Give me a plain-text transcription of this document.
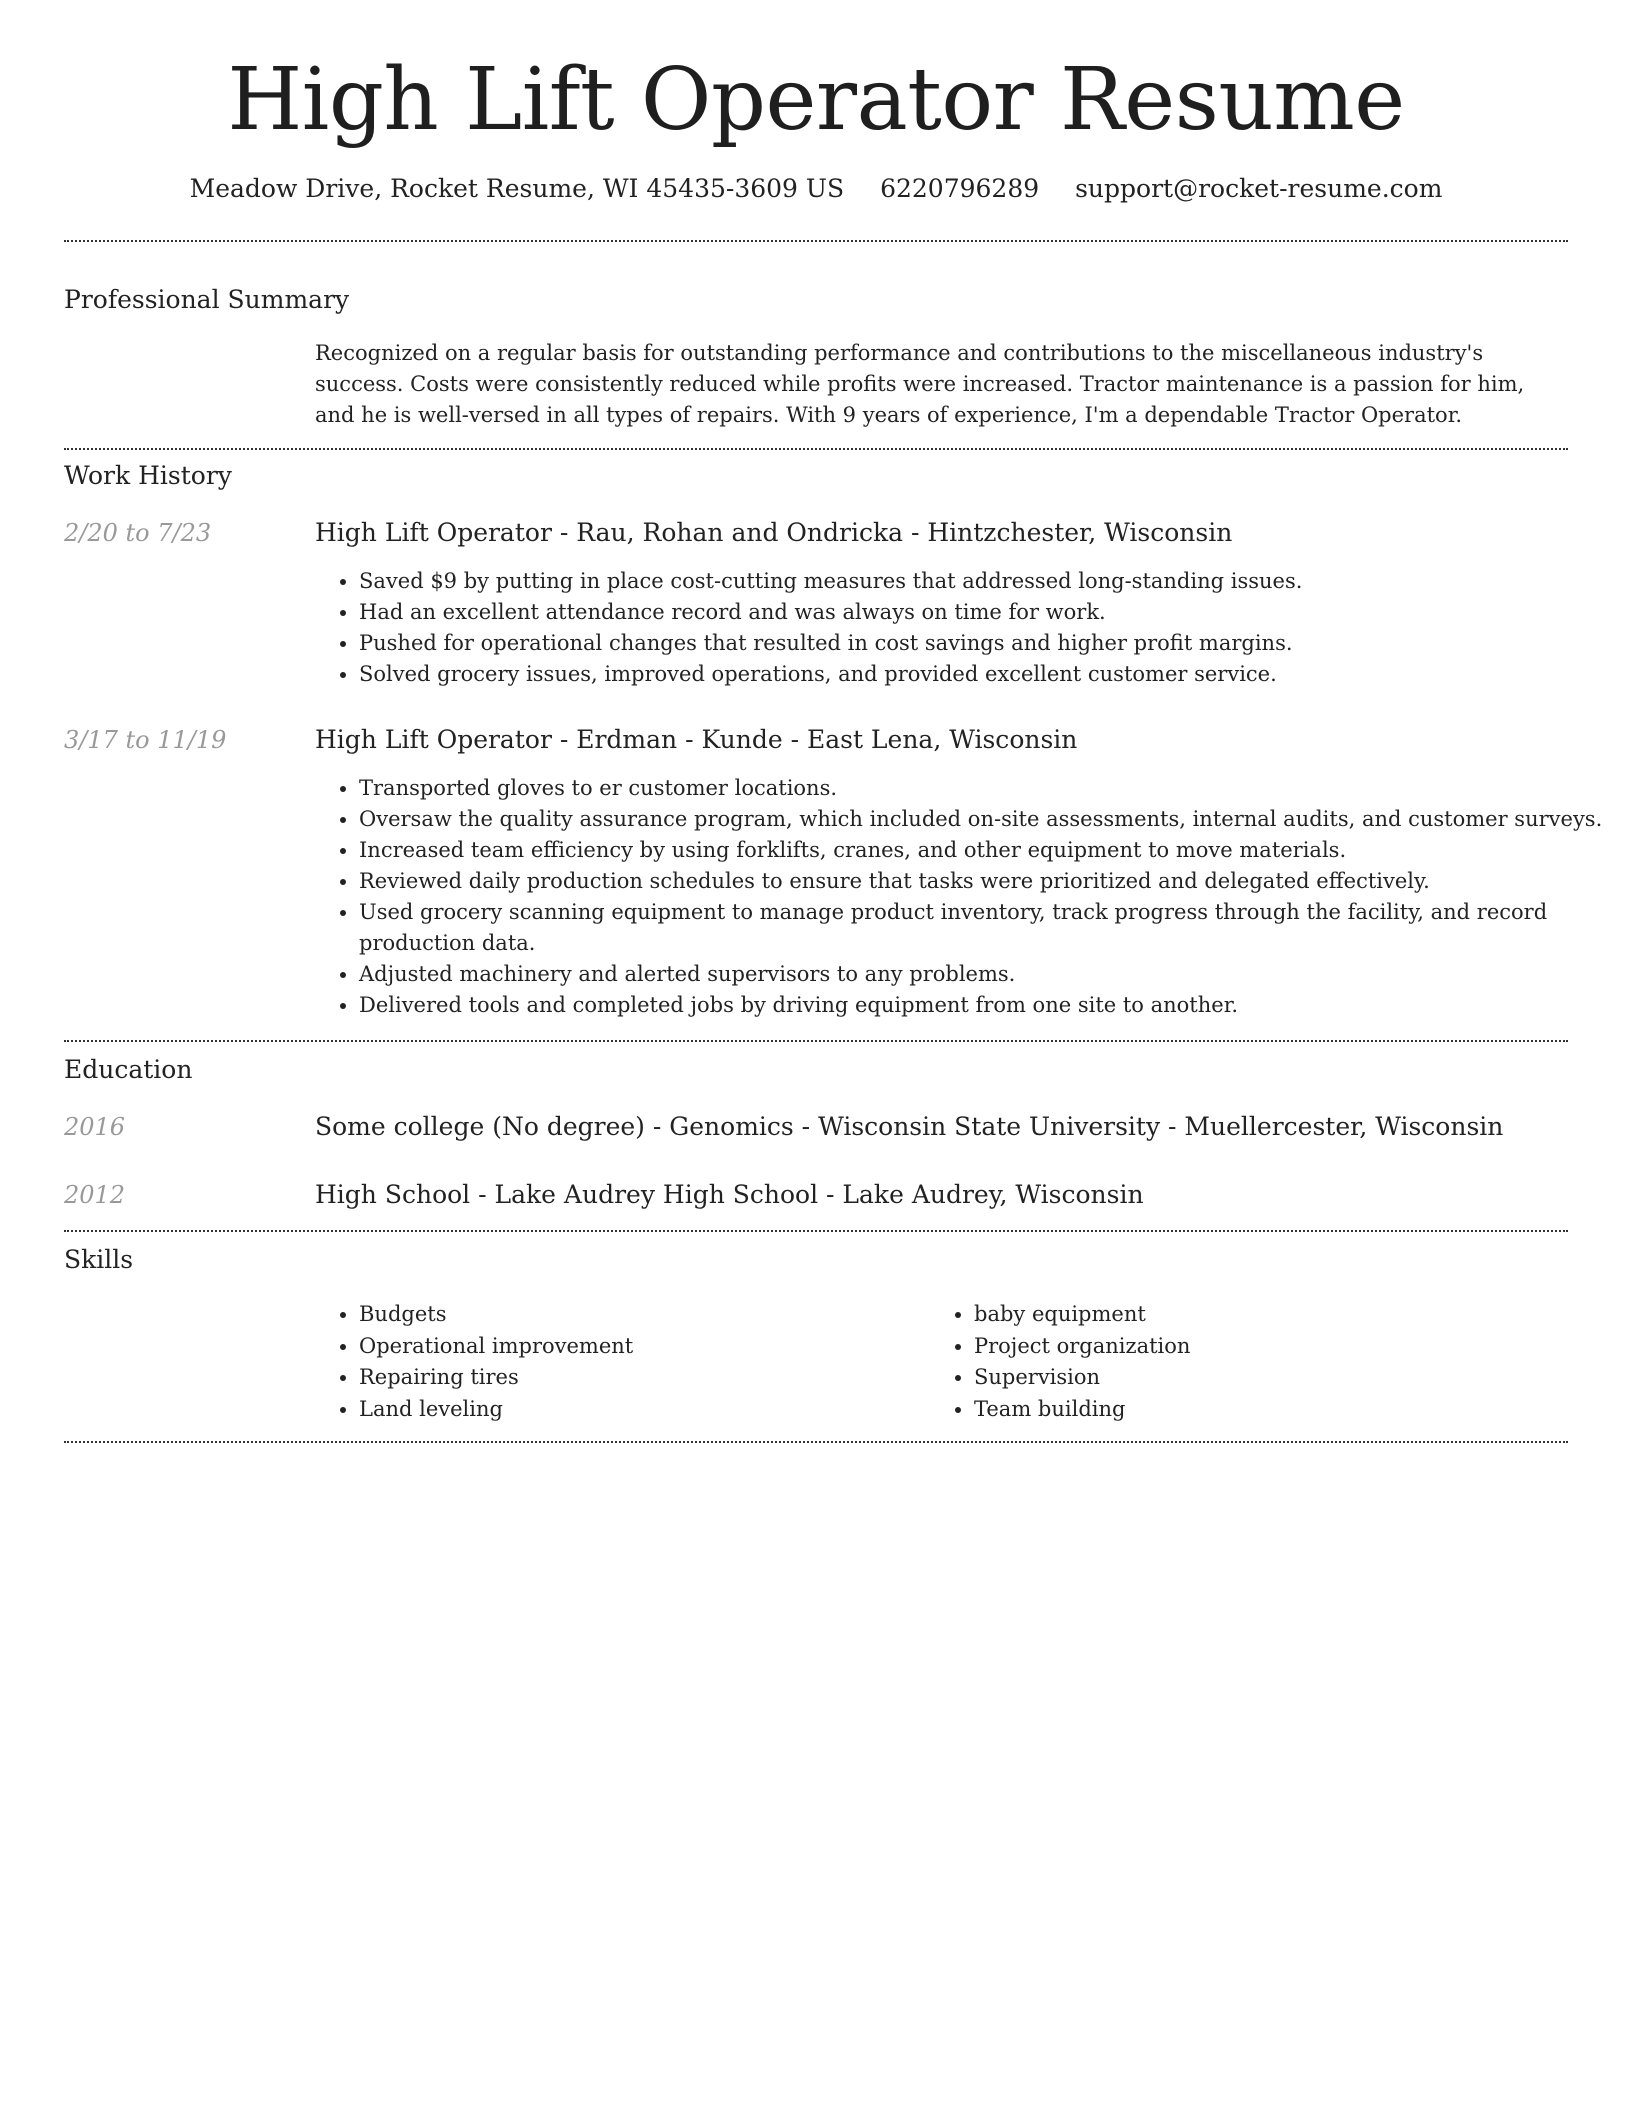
High Lift Operator Resume
Meadow Drive, Rocket Resume, WI 45435-3609 US 6220796289 support@rocket-resume.com
Professional Summary
Recognized on a regular basis for outstanding performance and contributions to the miscellaneous industry's success. Costs were consistently reduced while profits were increased. Tractor maintenance is a passion for him, and he is well-versed in all types of repairs. With 9 years of experience, I'm a dependable Tractor Operator.
Work History
2/20 to 7/23	High Lift Operator - Rau, Rohan and Ondricka - Hintzchester, Wisconsin
• Saved $9 by putting in place cost-cutting measures that addressed long-standing issues.
• Had an excellent attendance record and was always on time for work.
• Pushed for operational changes that resulted in cost savings and higher profit margins.
• Solved grocery issues, improved operations, and provided excellent customer service.
3/17 to 11/19	High Lift Operator - Erdman - Kunde - East Lena, Wisconsin
• Transported gloves to er customer locations.
• Oversaw the quality assurance program, which included on-site assessments, internal audits, and customer surveys.
• Increased team efficiency by using forklifts, cranes, and other equipment to move materials.
• Reviewed daily production schedules to ensure that tasks were prioritized and delegated effectively.
• Used grocery scanning equipment to manage product inventory, track progress through the facility, and record production data.
• Adjusted machinery and alerted supervisors to any problems.
• Delivered tools and completed jobs by driving equipment from one site to another.
Education
2016	Some college (No degree) - Genomics - Wisconsin State University - Muellercester, Wisconsin
2012	High School - Lake Audrey High School - Lake Audrey, Wisconsin
Skills
• Budgets
• Operational improvement
• Repairing tires
• Land leveling
• baby equipment
• Project organization
• Supervision
• Team building
